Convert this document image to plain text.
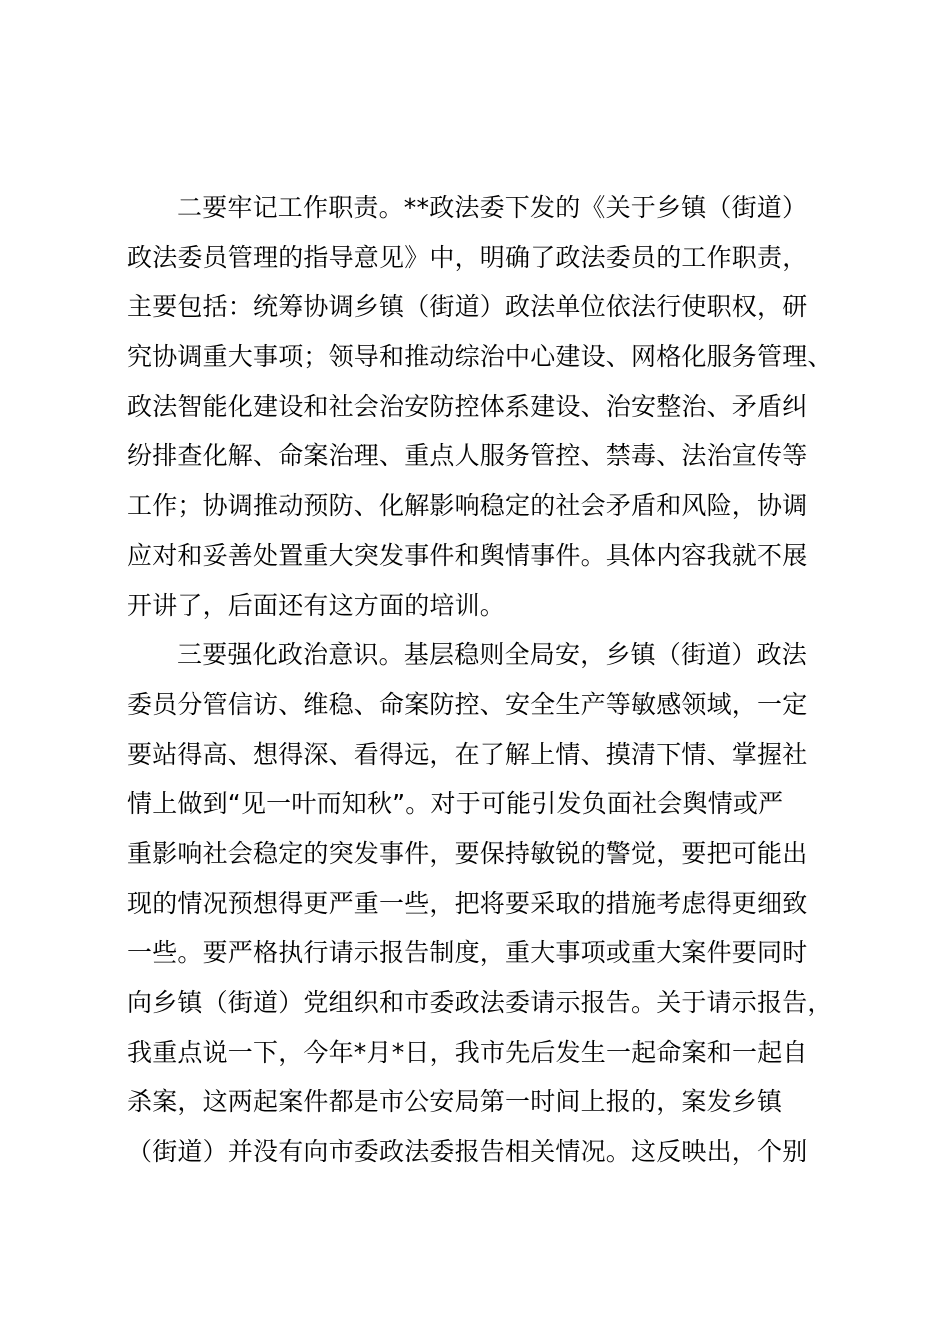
二要牢记工作职责。**政法委下发的《关于乡镇（街道）
政法委员管理的指导意见》中，明确了政法委员的工作职责，
主要包括：统筹协调乡镇（街道）政法单位依法行使职权，研
究协调重大事项；领导和推动综治中心建设、网格化服务管理、
政法智能化建设和社会治安防控体系建设、治安整治、矛盾纠
纷排查化解、命案治理、重点人服务管控、禁毒、法治宣传等
工作；协调推动预防、化解影响稳定的社会矛盾和风险，协调
应对和妥善处置重大突发事件和舆情事件。具体内容我就不展
开讲了，后面还有这方面的培训。
三要强化政治意识。基层稳则全局安，乡镇（街道）政法
委员分管信访、维稳、命案防控、安全生产等敏感领域，一定
要站得高、想得深、看得远，在了解上情、摸清下情、掌握社
情上做到“见一叶而知秋”。对于可能引发负面社会舆情或严
重影响社会稳定的突发事件，要保持敏锐的警觉，要把可能出
现的情况预想得更严重一些，把将要采取的措施考虑得更细致
一些。要严格执行请示报告制度，重大事项或重大案件要同时
向乡镇（街道）党组织和市委政法委请示报告。关于请示报告，
我重点说一下，今年*月*日，我市先后发生一起命案和一起自
杀案，这两起案件都是市公安局第一时间上报的，案发乡镇
（街道）并没有向市委政法委报告相关情况。这反映出，个别
